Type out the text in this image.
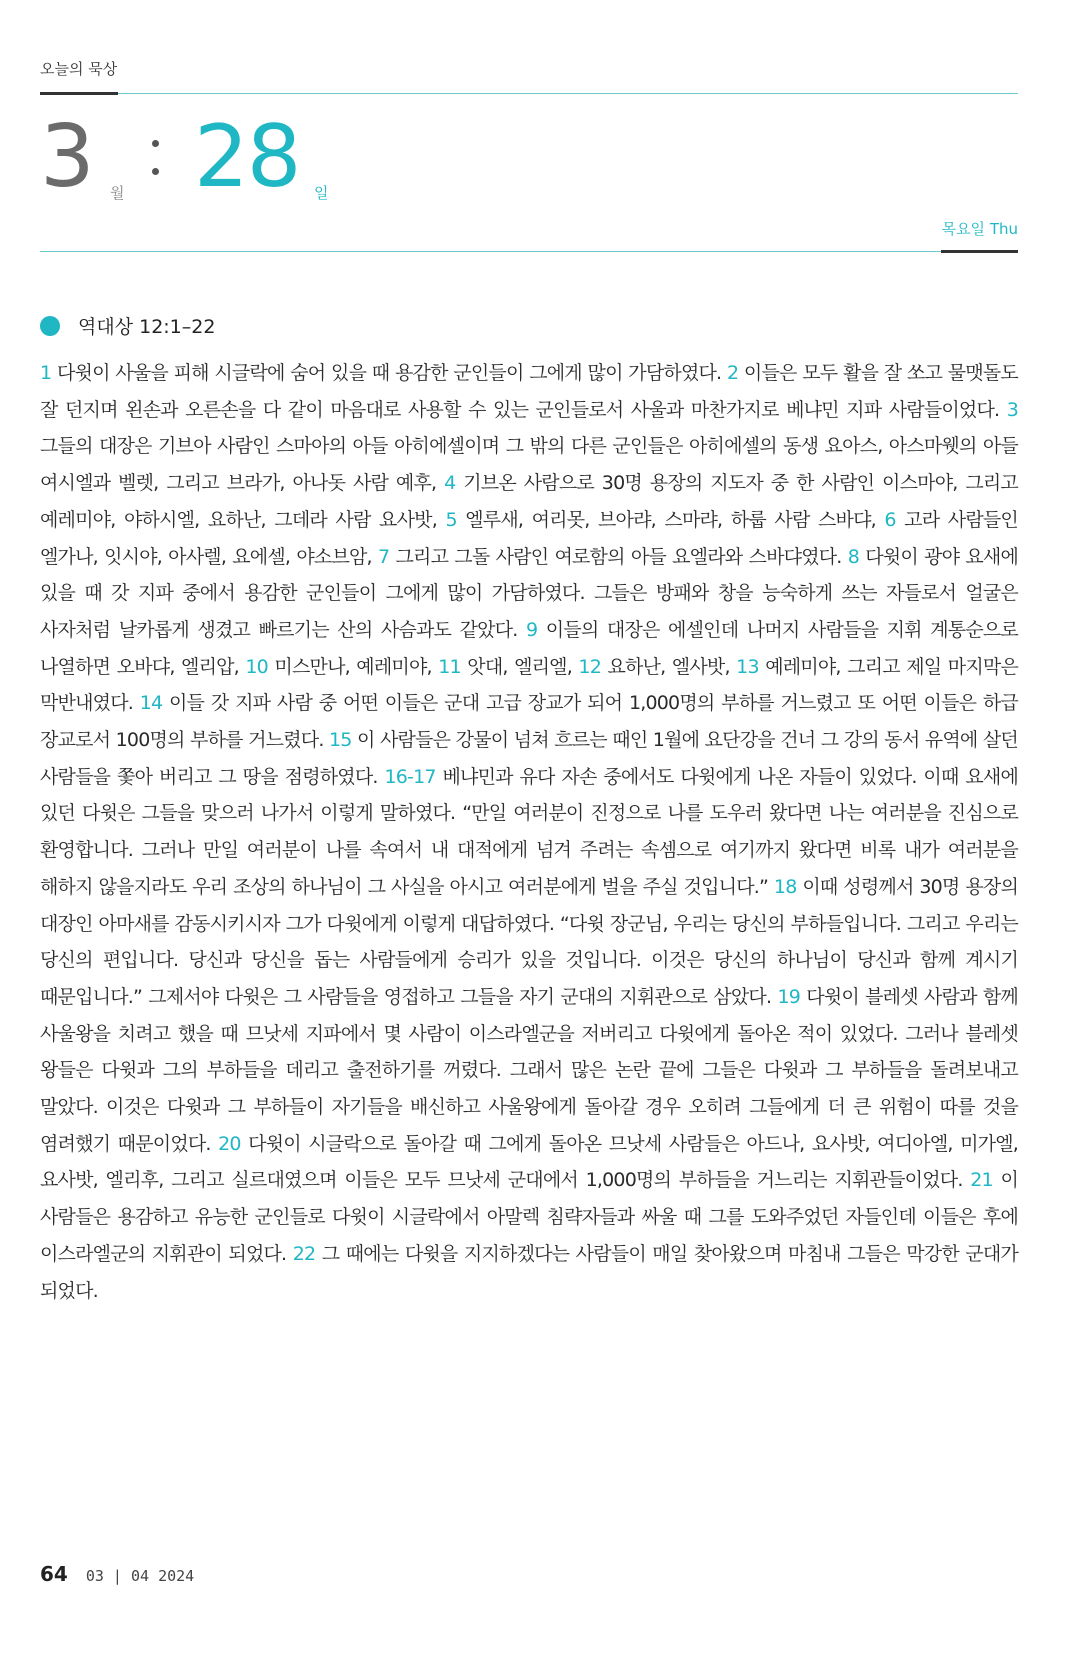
오늘의 묵상
3 월 28 일
목요일 Thu
역대상 12:1–22
1 다윗이 사울을 피해 시글락에 숨어 있을 때 용감한 군인들이 그에게 많이 가담하였다. 2 이들은 모두 활을 잘 쏘고 물맷돌도 잘 던지며 왼손과 오른손을 다 같이 마음대로 사용할 수 있는 군인들로서 사울과 마찬가지로 베냐민 지파 사람들이었다. 3 그들의 대장은 기브아 사람인 스마아의 아들 아히에셀이며 그 밖의 다른 군인들은 아히에셀의 동생 요아스, 아스마웻의 아들 여시엘과 벨렛, 그리고 브라가, 아나돗 사람 예후, 4 기브온 사람으로 30명 용장의 지도자 중 한 사람인 이스마야, 그리고 예레미야, 야하시엘, 요하난, 그데라 사람 요사밧, 5 엘루새, 여리못, 브아랴, 스마랴, 하룹 사람 스바댜, 6 고라 사람들인 엘가나, 잇시야, 아사렐, 요에셀, 야소브암, 7 그리고 그돌 사람인 여로함의 아들 요엘라와 스바댜였다. 8 다윗이 광야 요새에 있을 때 갓 지파 중에서 용감한 군인들이 그에게 많이 가담하였다. 그들은 방패와 창을 능숙하게 쓰는 자들로서 얼굴은 사자처럼 날카롭게 생겼고 빠르기는 산의 사슴과도 같았다. 9 이들의 대장은 에셀인데 나머지 사람들을 지휘 계통순으로 나열하면 오바댜, 엘리압, 10 미스만나, 예레미야, 11 앗대, 엘리엘, 12 요하난, 엘사밧, 13 예레미야, 그리고 제일 마지막은 막반내였다. 14 이들 갓 지파 사람 중 어떤 이들은 군대 고급 장교가 되어 1,000명의 부하를 거느렸고 또 어떤 이들은 하급 장교로서 100명의 부하를 거느렸다. 15 이 사람들은 강물이 넘쳐 흐르는 때인 1월에 요단강을 건너 그 강의 동서 유역에 살던 사람들을 쫓아 버리고 그 땅을 점령하였다. 16-17 베냐민과 유다 자손 중에서도 다윗에게 나온 자들이 있었다. 이때 요새에 있던 다윗은 그들을 맞으러 나가서 이렇게 말하였다. “만일 여러분이 진정으로 나를 도우러 왔다면 나는 여러분을 진심으로 환영합니다. 그러나 만일 여러분이 나를 속여서 내 대적에게 넘겨 주려는 속셈으로 여기까지 왔다면 비록 내가 여러분을 해하지 않을지라도 우리 조상의 하나님이 그 사실을 아시고 여러분에게 벌을 주실 것입니다.” 18 이때 성령께서 30명 용장의 대장인 아마새를 감동시키시자 그가 다윗에게 이렇게 대답하였다. “다윗 장군님, 우리는 당신의 부하들입니다. 그리고 우리는 당신의 편입니다. 당신과 당신을 돕는 사람들에게 승리가 있을 것입니다. 이것은 당신의 하나님이 당신과 함께 계시기 때문입니다.” 그제서야 다윗은 그 사람들을 영접하고 그들을 자기 군대의 지휘관으로 삼았다. 19 다윗이 블레셋 사람과 함께 사울왕을 치려고 했을 때 므낫세 지파에서 몇 사람이 이스라엘군을 저버리고 다윗에게 돌아온 적이 있었다. 그러나 블레셋 왕들은 다윗과 그의 부하들을 데리고 출전하기를 꺼렸다. 그래서 많은 논란 끝에 그들은 다윗과 그 부하들을 돌려보내고 말았다. 이것은 다윗과 그 부하들이 자기들을 배신하고 사울왕에게 돌아갈 경우 오히려 그들에게 더 큰 위험이 따를 것을 염려했기 때문이었다. 20 다윗이 시글락으로 돌아갈 때 그에게 돌아온 므낫세 사람들은 아드나, 요사밧, 여디아엘, 미가엘, 요사밧, 엘리후, 그리고 실르대였으며 이들은 모두 므낫세 군대에서 1,000명의 부하들을 거느리는 지휘관들이었다. 21 이 사람들은 용감하고 유능한 군인들로 다윗이 시글락에서 아말렉 침략자들과 싸울 때 그를 도와주었던 자들인데 이들은 후에 이스라엘군의 지휘관이 되었다. 22 그 때에는 다윗을 지지하겠다는 사람들이 매일 찾아왔으며 마침내 그들은 막강한 군대가 되었다.
64 03 | 04 2024
